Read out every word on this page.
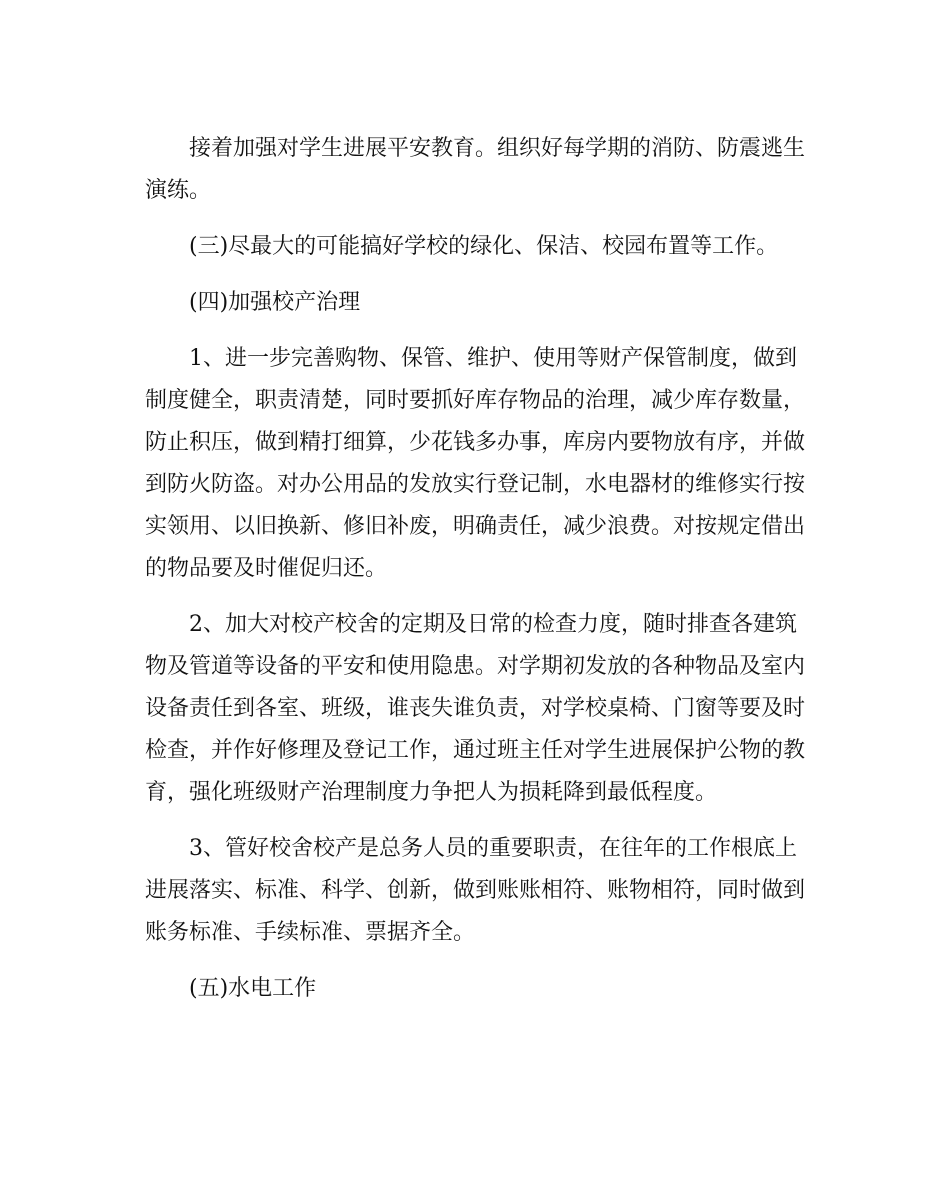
接着加强对学生进展平安教育。组织好每学期的消防、防震逃生演练。

(三)尽最大的可能搞好学校的绿化、保洁、校园布置等工作。

(四)加强校产治理

1、进一步完善购物、保管、维护、使用等财产保管制度，做到制度健全，职责清楚，同时要抓好库存物品的治理，减少库存数量，防止积压，做到精打细算，少花钱多办事，库房内要物放有序，并做到防火防盗。对办公用品的发放实行登记制，水电器材的维修实行按实领用、以旧换新、修旧补废，明确责任，减少浪费。对按规定借出的物品要及时催促归还。

2、加大对校产校舍的定期及日常的检查力度，随时排查各建筑物及管道等设备的平安和使用隐患。对学期初发放的各种物品及室内设备责任到各室、班级，谁丧失谁负责，对学校桌椅、门窗等要及时检查，并作好修理及登记工作，通过班主任对学生进展保护公物的教育，强化班级财产治理制度力争把人为损耗降到最低程度。

3、管好校舍校产是总务人员的重要职责，在往年的工作根底上进展落实、标准、科学、创新，做到账账相符、账物相符，同时做到账务标准、手续标准、票据齐全。

(五)水电工作
